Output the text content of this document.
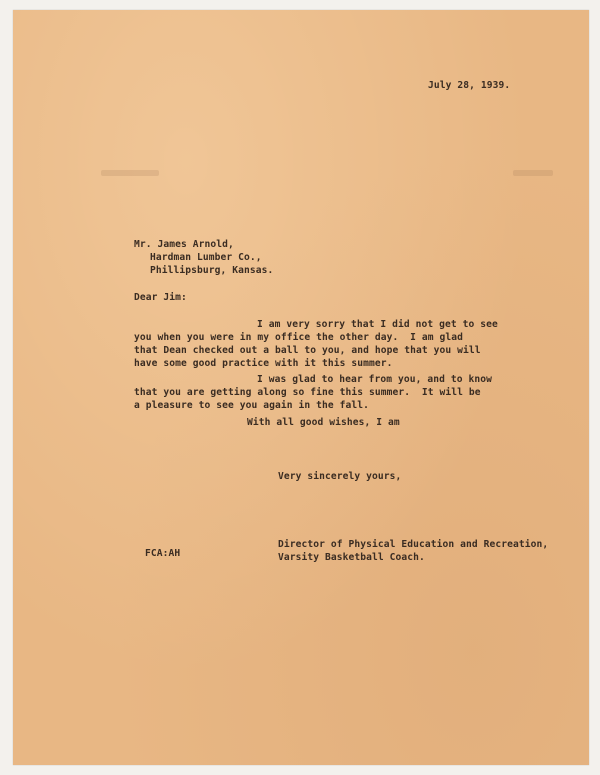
July 28, 1939.
Mr. James Arnold,
Hardman Lumber Co.,
Phillipsburg, Kansas.
Dear Jim:
I am very sorry that I did not get to see
you when you were in my office the other day.  I am glad
that Dean checked out a ball to you, and hope that you will
have some good practice with it this summer.
I was glad to hear from you, and to know
that you are getting along so fine this summer.  It will be
a pleasure to see you again in the fall.
With all good wishes, I am
Very sincerely yours,
Director of Physical Education and Recreation,
Varsity Basketball Coach.
FCA:AH
